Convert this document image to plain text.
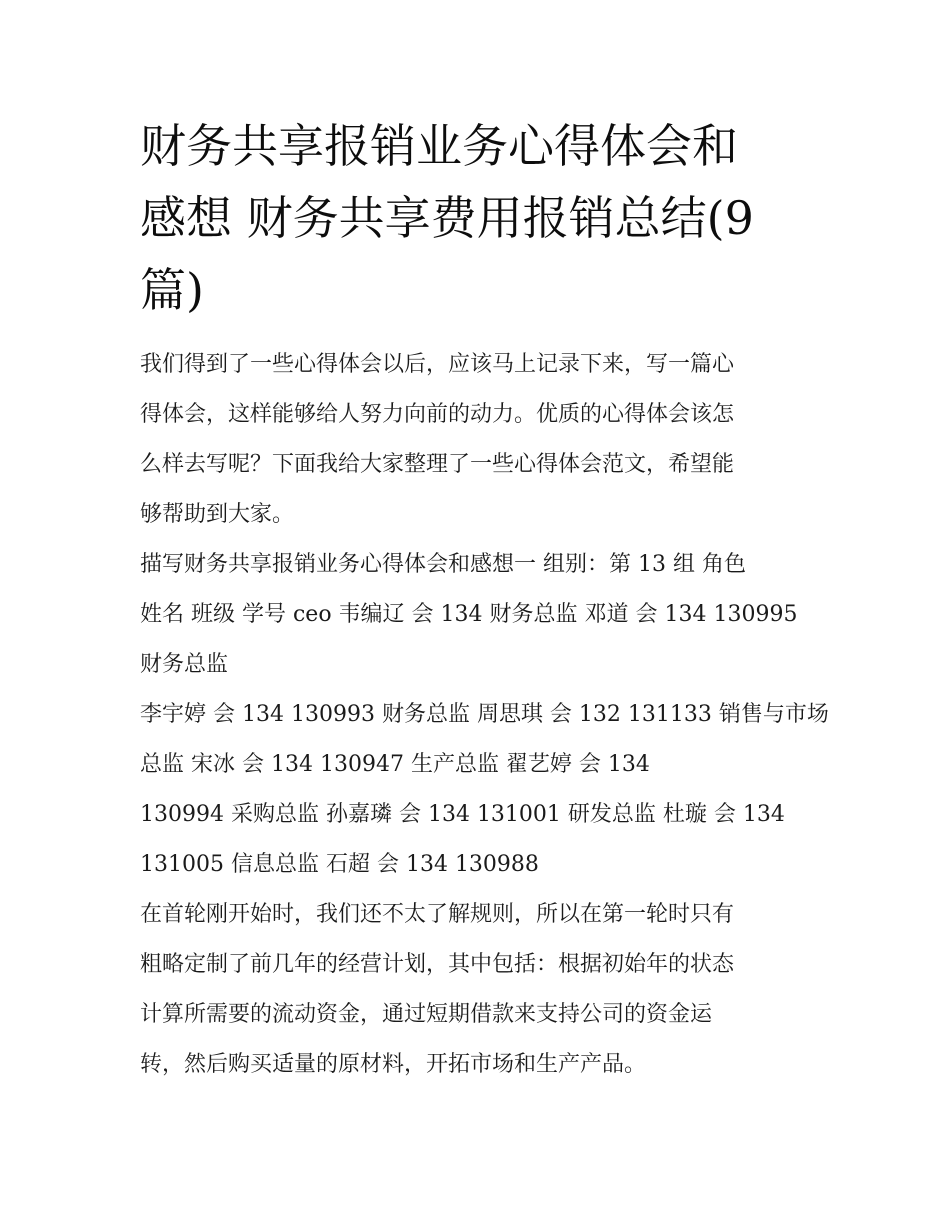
财务共享报销业务心得体会和
感想 财务共享费用报销总结(9
篇)
我们得到了一些心得体会以后，应该马上记录下来，写一篇心
得体会，这样能够给人努力向前的动力。优质的心得体会该怎
么样去写呢？下面我给大家整理了一些心得体会范文，希望能
够帮助到大家。
描写财务共享报销业务心得体会和感想一 组别：第 13 组 角色
姓名 班级 学号 ceo 韦编辽 会 134 财务总监 邓道 会 134 130995
财务总监
李宇婷 会 134 130993 财务总监 周思琪 会 132 131133 销售与市场
总监 宋冰 会 134 130947 生产总监 翟艺婷 会 134
130994 采购总监 孙嘉璘 会 134 131001 研发总监 杜璇 会 134
131005 信息总监 石超 会 134 130988
在首轮刚开始时，我们还不太了解规则，所以在第一轮时只有
粗略定制了前几年的经营计划，其中包括：根据初始年的状态
计算所需要的流动资金，通过短期借款来支持公司的资金运
转，然后购买适量的原材料，开拓市场和生产产品。
